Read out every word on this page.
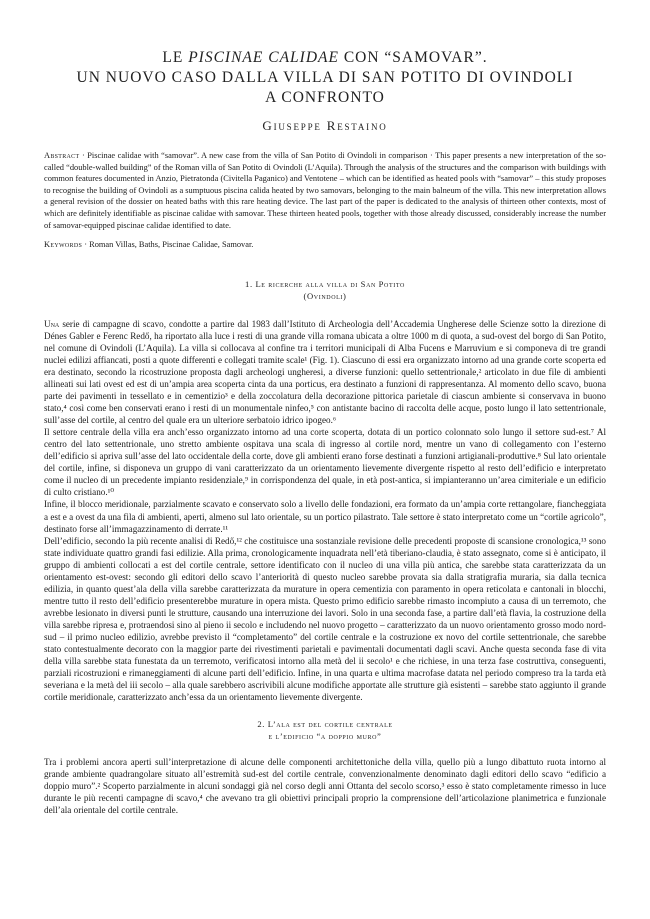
LE PISCINAE CALIDAE CON “SAMOVAR”.
UN NUOVO CASO DALLA VILLA DI SAN POTITO DI OVINDOLI
A CONFRONTO
Giuseppe Restaino
Abstract · Piscinae calidae with “samovar”. A new case from the villa of San Potito di Ovindoli in comparison · This paper presents a new interpretation of the so-called “double-walled building” of the Roman villa of San Potito di Ovindoli (L’Aquila). Through the analysis of the structures and the comparison with buildings with common features documented in Anzio, Pietratonda (Civitella Paganico) and Ventotene – which can be identified as heated pools with “samovar” – this study proposes to recognise the building of Ovindoli as a sumptuous piscina calida heated by two samovars, belonging to the main balneum of the villa. This new interpretation allows a general revision of the dossier on heated baths with this rare heating device. The last part of the paper is dedicated to the analysis of thirteen other contexts, most of which are definitely identifiable as piscinae calidae with samovar. These thirteen heated pools, together with those already discussed, considerably increase the number of samovar-equipped piscinae calidae identified to date.
Keywords · Roman Villas, Baths, Piscinae Calidae, Samovar.
1. Le ricerche alla villa di San Potito
(Ovindoli)

Una serie di campagne di scavo, condotte a partire dal 1983 dall’Istituto di Archeologia dell’Accademia Ungherese delle Scienze sotto la direzione di Dénes Gabler e Ferenc Redő, ha riportato alla luce i resti di una grande villa romana ubicata a oltre 1000 m di quota, a sud-ovest del borgo di San Potito, nel comune di Ovindoli (L’Aquila). La villa si collocava al confine tra i territori municipali di Alba Fucens e Marruvium e si componeva di tre grandi nuclei edilizi affiancati, posti a quote differenti e collegati tramite scale¹ (Fig. 1). Ciascuno di essi era organizzato intorno ad una grande corte scoperta ed era destinato, secondo la ricostruzione proposta dagli archeologi ungheresi, a diverse funzioni: quello settentrionale,² articolato in due file di ambienti allineati sui lati ovest ed est di un’ampia area scoperta cinta da una porticus, era destinato a funzioni di rappresentanza. Al momento dello scavo, buona parte dei pavimenti in tessellato e in cementizio³ e della zoccolatura della decorazione pittorica parietale di ciascun ambiente si conservava in buono stato,⁴ così come ben conservati erano i resti di un monumentale ninfeo,⁵ con antistante bacino di raccolta delle acque, posto lungo il lato settentrionale, sull’asse del cortile, al centro del quale era un ulteriore serbatoio idrico ipogeo.⁶

Il settore centrale della villa era anch’esso organizzato intorno ad una corte scoperta, dotata di un portico colonnato solo lungo il settore sud-est.⁷ Al centro del lato settentrionale, uno stretto ambiente ospitava una scala di ingresso al cortile nord, mentre un vano di collegamento con l’esterno dell’edificio si apriva sull’asse del lato occidentale della corte, dove gli ambienti erano forse destinati a funzioni artigianali-produttive.⁸ Sul lato orientale del cortile, infine, si disponeva un gruppo di vani caratterizzato da un orientamento lievemente divergente rispetto al resto dell’edificio e interpretato come il nucleo di un precedente impianto residenziale,⁹ in corrispondenza del quale, in età post-antica, si impianteranno un’area cimiteriale e un edificio di culto cristiano.¹⁰

Infine, il blocco meridionale, parzialmente scavato e conservato solo a livello delle fondazioni, era formato da un’ampia corte rettangolare, fiancheggiata a est e a ovest da una fila di ambienti, aperti, almeno sul lato orientale, su un portico pilastrato. Tale settore è stato interpretato come un “cortile agricolo”, destinato forse all’immagazzinamento di derrate.¹¹

Dell’edificio, secondo la più recente analisi di Redő,¹² che costituisce una sostanziale revisione delle precedenti proposte di scansione cronologica,¹³ sono state individuate quattro grandi fasi edilizie. Alla prima, cronologicamente inquadrata nell’età tiberiano-claudia, è stato assegnato, come si è anticipato, il gruppo di ambienti collocati a est del cortile centrale, settore identificato con il nucleo di una villa più antica, che sarebbe stata caratterizzata da un orientamento est-ovest: secondo gli editori dello scavo l’anteriorità di questo nucleo sarebbe provata sia dalla stratigrafia muraria, sia dalla tecnica edilizia, in quanto quest’ala della villa sarebbe caratterizzata da murature in opera cementizia con paramento in opera reticolata e cantonali in blocchi, mentre tutto il resto dell’edificio presenterebbe murature in opera mista. Questo primo edificio sarebbe rimasto incompiuto a causa di un terremoto, che avrebbe lesionato in diversi punti le strutture, causando una interruzione dei lavori. Solo in una seconda fase, a partire dall’età flavia, la costruzione della villa sarebbe ripresa e, protraendosi sino al pieno ii secolo e includendo nel nuovo progetto – caratterizzato da un nuovo orientamento grosso modo nord-sud – il primo nucleo edilizio, avrebbe previsto il “completamento” del cortile centrale e la costruzione ex novo del cortile settentrionale, che sarebbe stato contestualmente decorato con la maggior parte dei rivestimenti parietali e pavimentali documentati dagli scavi. Anche questa seconda fase di vita della villa sarebbe stata funestata da un terremoto, verificatosi intorno alla metà del ii secolo¹ e che richiese, in una terza fase costruttiva, conseguenti, parziali ricostruzioni e rimaneggiamenti di alcune parti dell’edificio. Infine, in una quarta e ultima macrofase datata nel periodo compreso tra la tarda età severiana e la metà del iii secolo – alla quale sarebbero ascrivibili alcune modifiche apportate alle strutture già esistenti – sarebbe stato aggiunto il grande cortile meridionale, caratterizzato anch’essa da un orientamento lievemente divergente.

2. L’ala est del cortile centrale
e l’edificio “a doppio muro”

Tra i problemi ancora aperti sull’interpretazione di alcune delle componenti architettoniche della villa, quello più a lungo dibattuto ruota intorno al grande ambiente quadrangolare situato all’estremità sud-est del cortile centrale, convenzionalmente denominato dagli editori dello scavo “edificio a doppio muro”.² Scoperto parzialmente in alcuni sondaggi già nel corso degli anni Ottanta del secolo scorso,³ esso è stato completamente rimesso in luce durante le più recenti campagne di scavo,⁴ che avevano tra gli obiettivi principali proprio la comprensione dell’articolazione planimetrica e funzionale dell’ala orientale del cortile centrale.
